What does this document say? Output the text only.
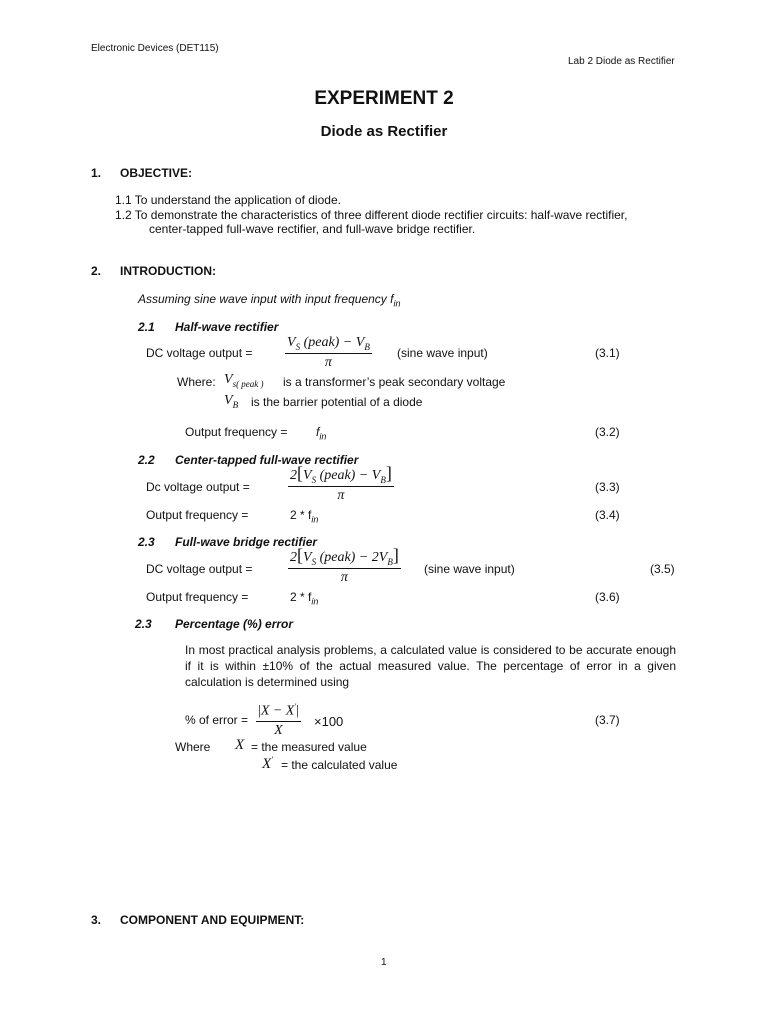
Electronic Devices (DET115)
Lab 2 Diode as Rectifier
EXPERIMENT 2
Diode as Rectifier
1. OBJECTIVE:
1.1 To understand the application of diode.
1.2 To demonstrate the characteristics of three different diode rectifier circuits: half-wave rectifier,
center-tapped full-wave rectifier, and full-wave bridge rectifier.
2. INTRODUCTION:
Assuming sine wave input with input frequency $f_{in}$
2.1 Half-wave rectifier
DC voltage output =
$V_S$ (peak) − $V_B$
π
(sine wave input)	(3.1)
Where: $V_{s( peak )}$ is a transformer’s peak secondary voltage
$V_B$ is the barrier potential of a diode
Output frequency = $f_{in}$	(3.2)
2.2 Center-tapped full-wave rectifier
Dc voltage output =
$2[V_S$ (peak) − $V_B$]
π
(3.3)
Output frequency =	$2 * f_{in}$	(3.4)
2.3 Full-wave bridge rectifier
DC voltage output =
$2[V_S$ (peak) − $2V_B$]
π
(sine wave input)	(3.5)
Output frequency =	$2 * f_{in}$	(3.6)
2.3 Percentage (%) error
In most practical analysis problems, a calculated value is considered to be accurate enough if it is within ±10% of the actual measured value. The percentage of error in a given calculation is determined using
% of error = $\frac{|X - X'|}{X} \times 100$	(3.7)
Where X = the measured value
X' = the calculated value
3. COMPONENT AND EQUIPMENT:
1
